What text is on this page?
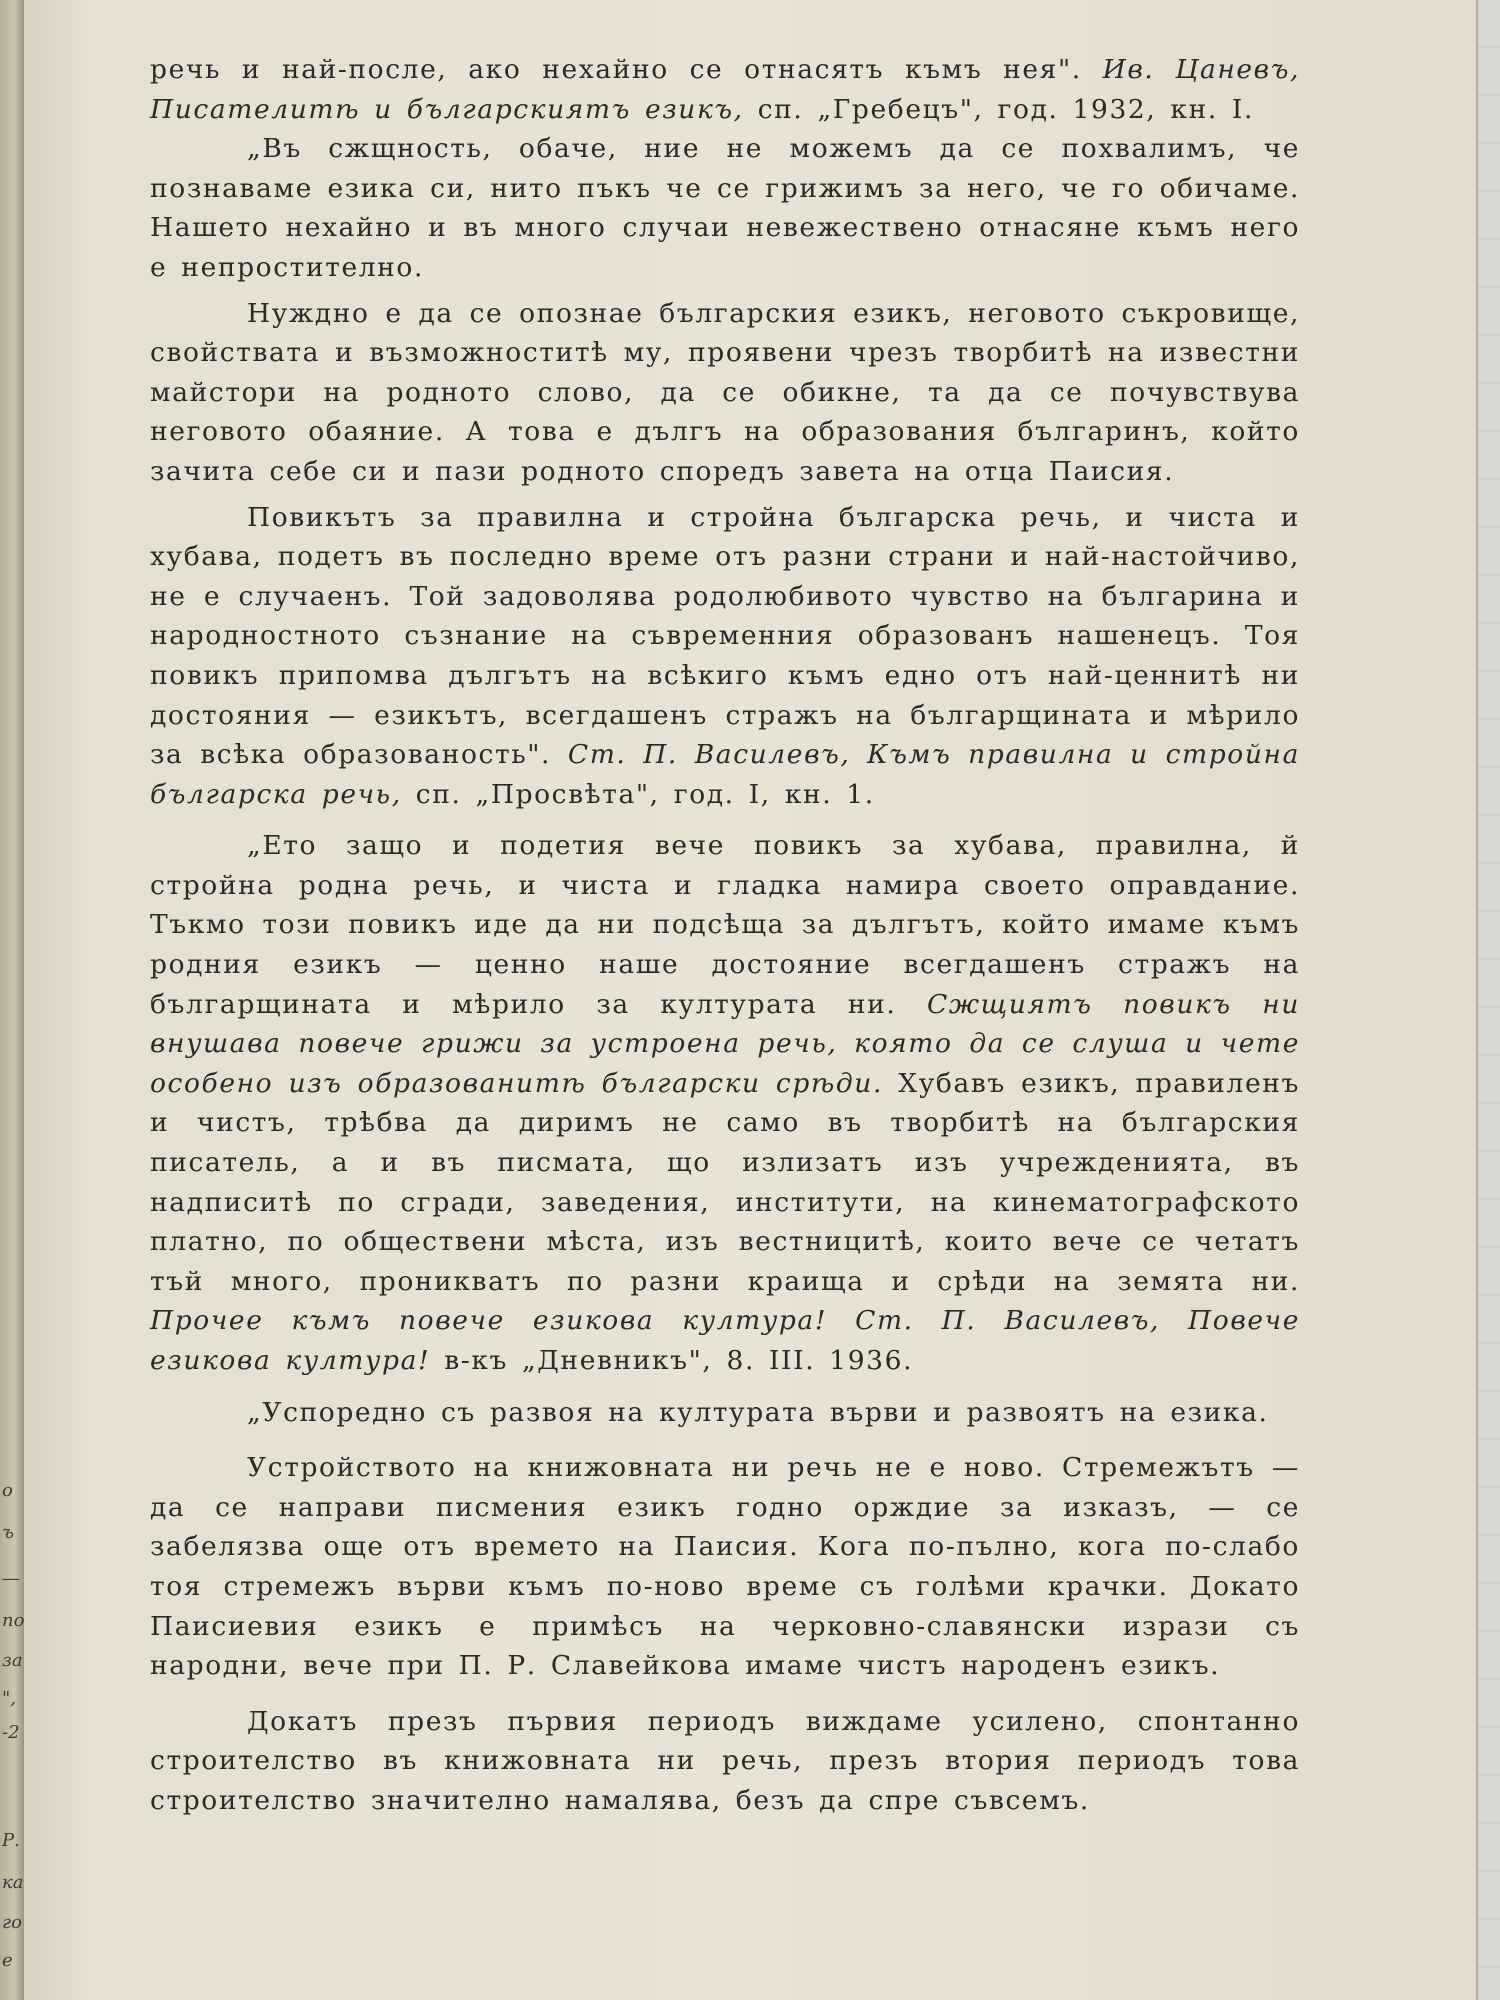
о
ъ
—
по
за
",
-2
Р.
ка
го
е

речь и най-после, ако нехайно се отнасятъ къмъ нея". Ив. Цаневъ, Писателитѣ и българскиятъ езикъ, сп. „Гребецъ", год. 1932, кн. I.

„Въ сжщность, обаче, ние не можемъ да се похвалимъ, че познаваме езика си, нито пъкъ че се грижимъ за него, че го обичаме. Нашето нехайно и въ много случаи невежествено отнасяне къмъ него е непростително.

Нуждно е да се опознае българския езикъ, неговото съкровище, свойствата и възможноститѣ му, проявени чрезъ творбитѣ на известни майстори на родното слово, да се обикне, та да се почувствува неговото обаяние. А това е дългъ на образования българинъ, който зачита себе си и пази родното споредъ завета на отца Паисия.

Повикътъ за правилна и стройна българска речь, и чиста и хубава, подетъ въ последно време отъ разни страни и най-настойчиво, не е случаенъ. Той задоволява родолюбивото чувство на българина и народностното съзнание на съвременния образованъ нашенецъ. Тоя повикъ припомва дългътъ на всѣкиго къмъ едно отъ най-ценнитѣ ни достояния — езикътъ, всегдашенъ стражъ на българщината и мѣрило за всѣка образованость". Ст. П. Василевъ, Къмъ правилна и стройна българска речь, сп. „Просвѣта", год. I, кн. 1.

„Ето защо и подетия вече повикъ за хубава, правилна, й стройна родна речь, и чиста и гладка намира своето оправдание. Тъкмо този повикъ иде да ни подсѣща за дългътъ, който имаме къмъ родния езикъ — ценно наше достояние всегдашенъ стражъ на българщината и мѣрило за културата ни. Сжщиятъ повикъ ни внушава повече грижи за устроена речь, която да се слуша и чете особено изъ образованитѣ български срѣди. Хубавъ езикъ, правиленъ и чистъ, трѣбва да диримъ не само въ творбитѣ на българския писатель, а и въ писмата, що излизатъ изъ учрежденията, въ надписитѣ по сгради, заведения, институти, на кинематографското платно, по обществени мѣста, изъ вестницитѣ, които вече се четатъ тъй много, проникватъ по разни краища и срѣди на земята ни. Прочее къмъ повече езикова култура! Ст. П. Василевъ, Повече езикова култура! в-къ „Дневникъ", 8. III. 1936.

„Успоредно съ развоя на културата върви и развоятъ на езика.

Устройството на книжовната ни речь не е ново. Стремежътъ — да се направи писмения езикъ годно орждие за изказъ, — се забелязва още отъ времето на Паисия. Кога по-пълно, кога по-слабо тоя стремежъ върви къмъ по-ново време съ голѣми крачки. Докато Паисиевия езикъ е примѣсъ на черковно-славянски изрази съ народни, вече при П. Р. Славейкова имаме чистъ народенъ езикъ.

Докатъ презъ първия периодъ виждаме усилено, спонтанно строителство въ книжовната ни речь, презъ втория периодъ това строителство значително намалява, безъ да спре съвсемъ.
